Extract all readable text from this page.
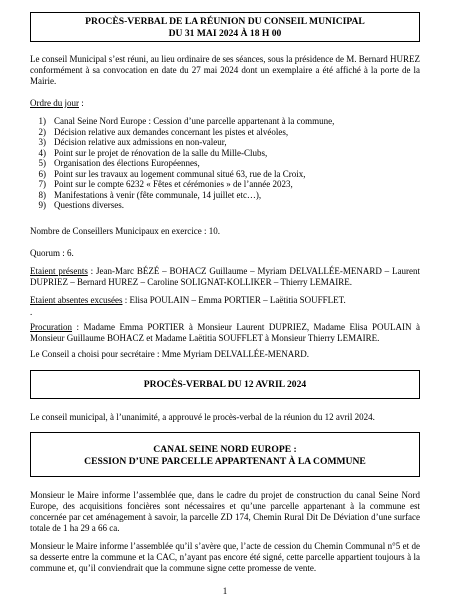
PROCÈS-VERBAL DE LA RÉUNION DU CONSEIL MUNICIPAL
DU 31 MAI 2024 À 18 H 00
Le conseil Municipal s’est réuni, au lieu ordinaire de ses séances, sous la présidence de M. Bernard HUREZ conformément à sa convocation en date du 27 mai 2024 dont un exemplaire a été affiché à la porte de la Mairie.
Ordre du jour :
1) Canal Seine Nord Europe : Cession d’une parcelle appartenant à la commune,
2) Décision relative aux demandes concernant les pistes et alvéoles,
3) Décision relative aux admissions en non-valeur,
4) Point sur le projet de rénovation de la salle du Mille-Clubs,
5) Organisation des élections Européennes,
6) Point sur les travaux au logement communal situé 63, rue de la Croix,
7) Point sur le compte 6232 « Fêtes et cérémonies » de l’année 2023,
8) Manifestations à venir (fête communale, 14 juillet etc…),
9) Questions diverses.
Nombre de Conseillers Municipaux en exercice : 10.
Quorum : 6.
Etaient présents : Jean-Marc BÉZÉ – BOHACZ Guillaume – Myriam DELVALLÉE-MENARD – Laurent DUPRIEZ – Bernard HUREZ – Caroline SOLIGNAT-KOLLIKER – Thierry LEMAIRE.
Etaient absentes excusées : Elisa POULAIN – Emma PORTIER – Laëtitia SOUFFLET.
.
Procuration : Madame Emma PORTIER à Monsieur Laurent DUPRIEZ, Madame Elisa POULAIN à Monsieur Guillaume BOHACZ et Madame Laëtitia SOUFFLET à Monsieur Thierry LEMAIRE.
Le Conseil a choisi pour secrétaire : Mme Myriam DELVALLÉE-MENARD.
PROCÈS-VERBAL DU 12 AVRIL 2024
Le conseil municipal, à l’unanimité, a approuvé le procès-verbal de la réunion du 12 avril 2024.
CANAL SEINE NORD EUROPE :
CESSION D’UNE PARCELLE APPARTENANT À LA COMMUNE
Monsieur le Maire informe l’assemblée que, dans le cadre du projet de construction du canal Seine Nord Europe, des acquisitions foncières sont nécessaires et qu’une parcelle appartenant à la commune est concernée par cet aménagement à savoir, la parcelle ZD 174, Chemin Rural Dit De Déviation d’une surface totale de 1 ha 29 a 66 ca.
Monsieur le Maire informe l’assemblée qu’il s’avère que, l’acte de cession du Chemin Communal n°5 et de sa desserte entre la commune et la CAC, n’ayant pas encore été signé, cette parcelle appartient toujours à la commune et, qu’il conviendrait que la commune signe cette promesse de vente.
1
